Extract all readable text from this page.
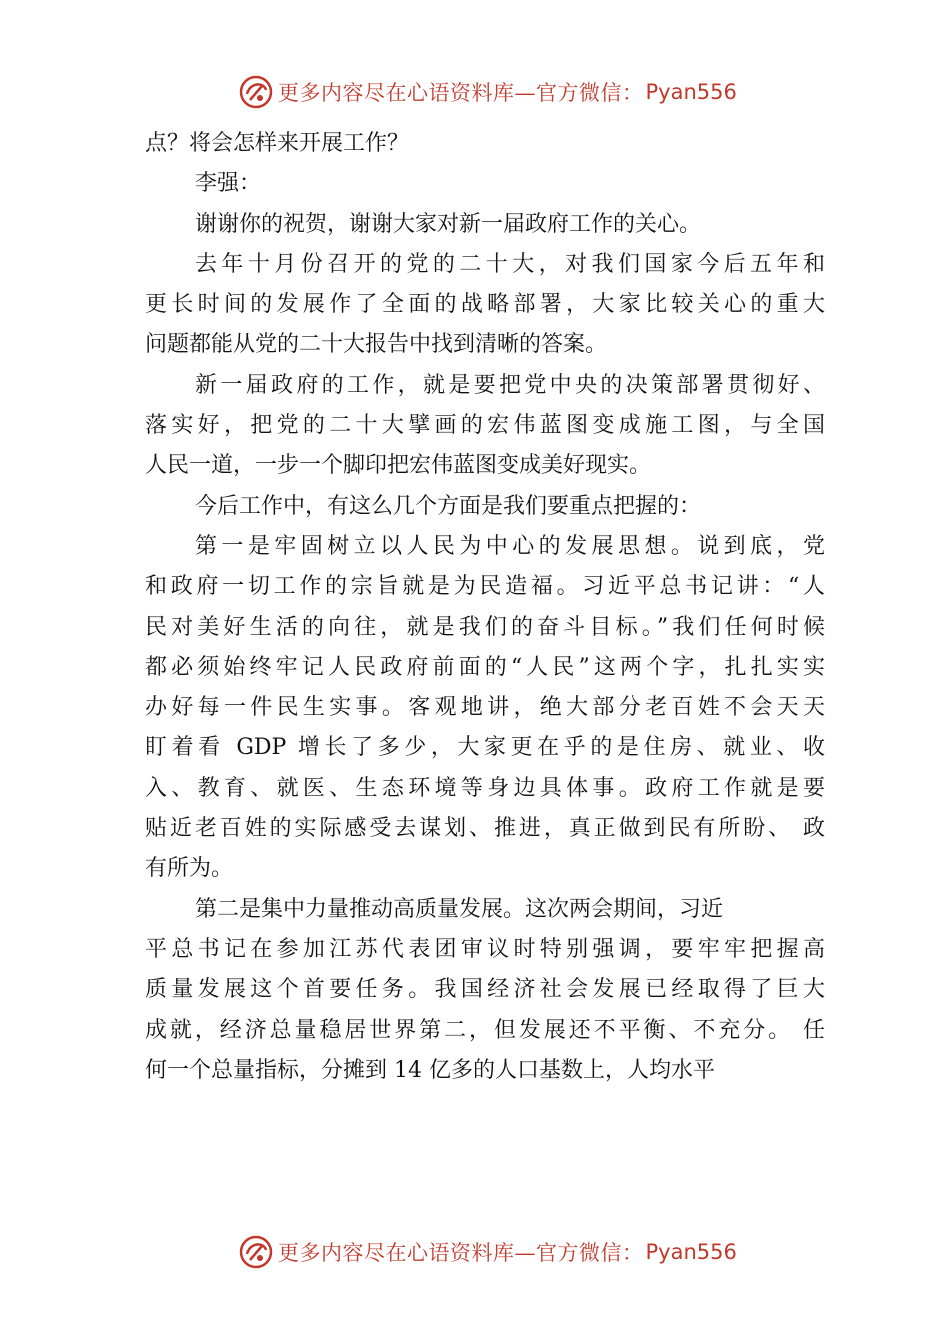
更多内容尽在心语资料库—官方微信： Pyan556
点？将会怎样来开展工作？
李强：
谢谢你的祝贺，谢谢大家对新一届政府工作的关心。
去年十月份召开的党的二十大，对我们国家今后五年和
更长时间的发展作了全面的战略部署，大家比较关心的重大
问题都能从党的二十大报告中找到清晰的答案。
新一届政府的工作，就是要把党中央的决策部署贯彻好、
落实好，把党的二十大擘画的宏伟蓝图变成施工图，与全国
人民一道，一步一个脚印把宏伟蓝图变成美好现实。
今后工作中，有这么几个方面是我们要重点把握的：
第一是牢固树立以人民为中心的发展思想。说到底，党
和政府一切工作的宗旨就是为民造福。习近平总书记讲：“人
民对美好生活的向往，就是我们的奋斗目标。”我们任何时候
都必须始终牢记人民政府前面的“人民”这两个字，扎扎实实
办好每一件民生实事。客观地讲，绝大部分老百姓不会天天
盯着看 GDP 增长了多少，大家更在乎的是住房、就业、收
入、教育、就医、生态环境等身边具体事。政府工作就是要
贴近老百姓的实际感受去谋划、推进，真正做到民有所盼、 政
有所为。
第二是集中力量推动高质量发展。这次两会期间，习近
平总书记在参加江苏代表团审议时特别强调，要牢牢把握高
质量发展这个首要任务。我国经济社会发展已经取得了巨大
成就，经济总量稳居世界第二，但发展还不平衡、不充分。 任
何一个总量指标，分摊到 14 亿多的人口基数上，人均水平
更多内容尽在心语资料库—官方微信： Pyan556
